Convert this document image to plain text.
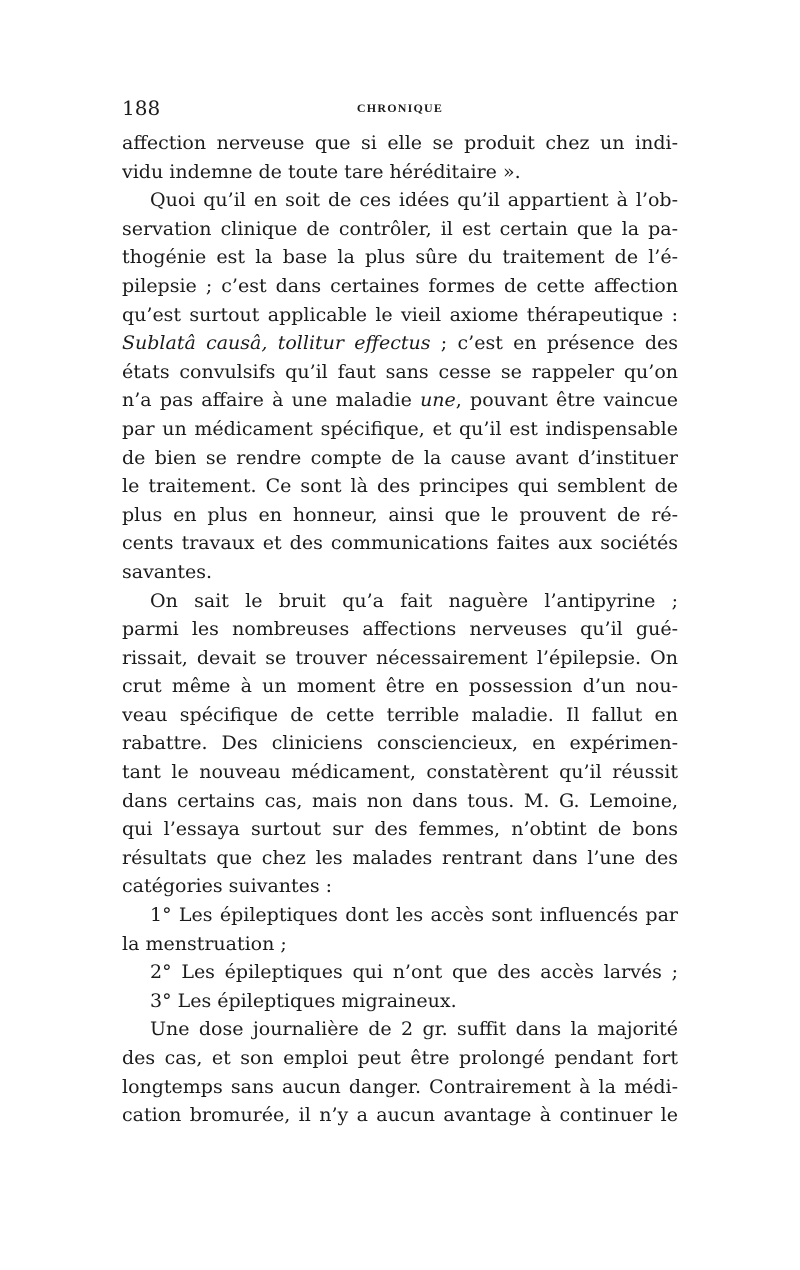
188	CHRONIQUE
affection nerveuse que si elle se produit chez un indi-
vidu indemne de toute tare héréditaire ».
Quoi qu’il en soit de ces idées qu’il appartient à l’ob-
servation clinique de contrôler, il est certain que la pa-
thogénie est la base la plus sûre du traitement de l’é-
pilepsie ; c’est dans certaines formes de cette affection
qu’est surtout applicable le vieil axiome thérapeutique :
Sublatâ causâ, tollitur effectus ; c’est en présence des
états convulsifs qu’il faut sans cesse se rappeler qu’on
n’a pas affaire à une maladie une, pouvant être vaincue
par un médicament spécifique, et qu’il est indispensable
de bien se rendre compte de la cause avant d’instituer
le traitement. Ce sont là des principes qui semblent de
plus en plus en honneur, ainsi que le prouvent de ré-
cents travaux et des communications faites aux sociétés
savantes.
On sait le bruit qu’a fait naguère l’antipyrine ;
parmi les nombreuses affections nerveuses qu’il gué-
rissait, devait se trouver nécessairement l’épilepsie. On
crut même à un moment être en possession d’un nou-
veau spécifique de cette terrible maladie. Il fallut en
rabattre. Des cliniciens consciencieux, en expérimen-
tant le nouveau médicament, constatèrent qu’il réussit
dans certains cas, mais non dans tous. M. G. Lemoine,
qui l’essaya surtout sur des femmes, n’obtint de bons
résultats que chez les malades rentrant dans l’une des
catégories suivantes :
1° Les épileptiques dont les accès sont influencés par
la menstruation ;
2° Les épileptiques qui n’ont que des accès larvés ;
3° Les épileptiques migraineux.
Une dose journalière de 2 gr. suffit dans la majorité
des cas, et son emploi peut être prolongé pendant fort
longtemps sans aucun danger. Contrairement à la médi-
cation bromurée, il n’y a aucun avantage à continuer le
